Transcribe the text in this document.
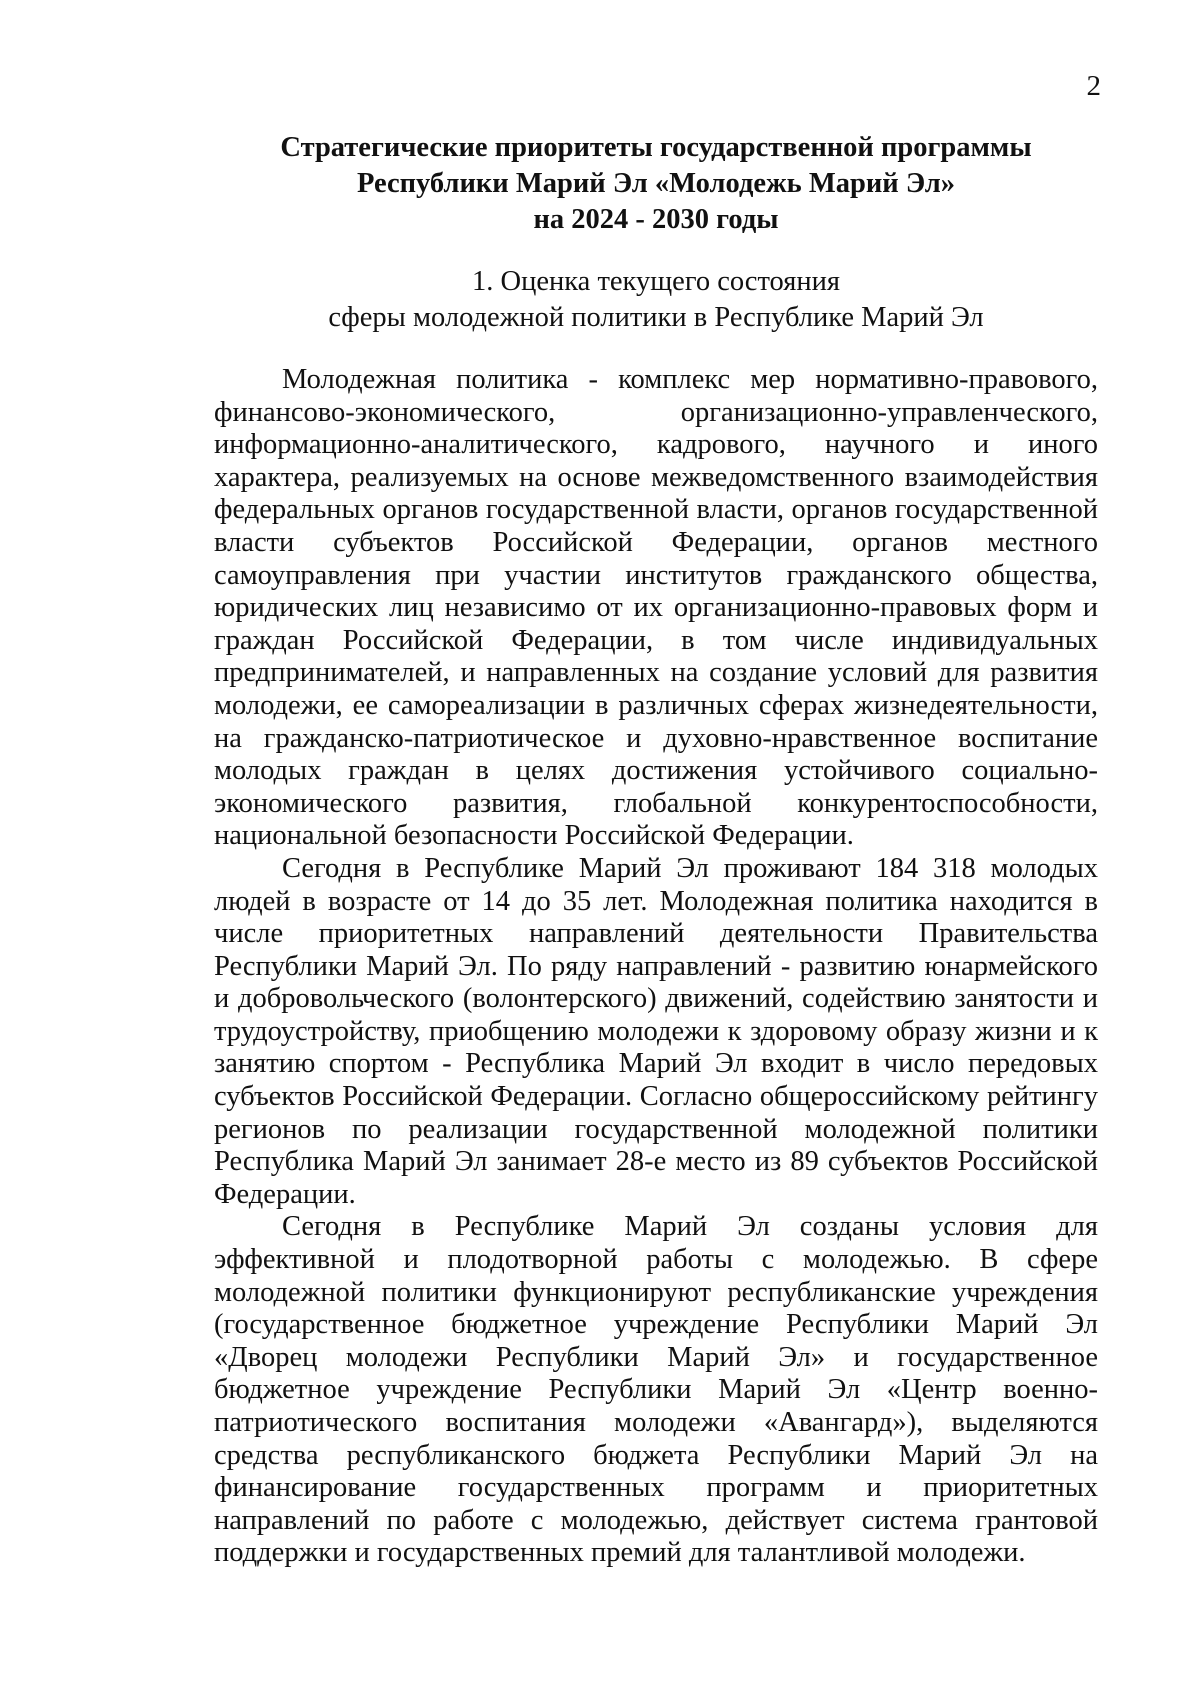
2
Стратегические приоритеты государственной программы
Республики Марий Эл «Молодежь Марий Эл»
на 2024 - 2030 годы
1. Оценка текущего состояния
сферы молодежной политики в Республике Марий Эл

Молодежная политика - комплекс мер нормативно-правового, финансово-экономического, организационно-управленческого, информационно-аналитического, кадрового, научного и иного характера, реализуемых на основе межведомственного взаимодействия федеральных органов государственной власти, органов государственной власти субъектов Российской Федерации, органов местного самоуправления при участии институтов гражданского общества, юридических лиц независимо от их организационно-правовых форм и граждан Российской Федерации, в том числе индивидуальных предпринимателей, и направленных на создание условий для развития молодежи, ее самореализации в различных сферах жизнедеятельности, на гражданско-патриотическое и духовно-нравственное воспитание молодых граждан в целях достижения устойчивого социально-экономического развития, глобальной конкурентоспособности, национальной безопасности Российской Федерации.

Сегодня в Республике Марий Эл проживают 184 318 молодых людей в возрасте от 14 до 35 лет. Молодежная политика находится в числе приоритетных направлений деятельности Правительства Республики Марий Эл. По ряду направлений - развитию юнармейского и добровольческого (волонтерского) движений, содействию занятости и трудоустройству, приобщению молодежи к здоровому образу жизни и к занятию спортом - Республика Марий Эл входит в число передовых субъектов Российской Федерации. Согласно общероссийскому рейтингу регионов по реализации государственной молодежной политики Республика Марий Эл занимает 28-е место из 89 субъектов Российской Федерации.

Сегодня в Республике Марий Эл созданы условия для эффективной и плодотворной работы с молодежью. В сфере молодежной политики функционируют республиканские учреждения (государственное бюджетное учреждение Республики Марий Эл «Дворец молодежи Республики Марий Эл» и государственное бюджетное учреждение Республики Марий Эл «Центр военно-патриотического воспитания молодежи «Авангард»), выделяются средства республиканского бюджета Республики Марий Эл на финансирование государственных программ и приоритетных направлений по работе с молодежью, действует система грантовой поддержки и государственных премий для талантливой молодежи.
